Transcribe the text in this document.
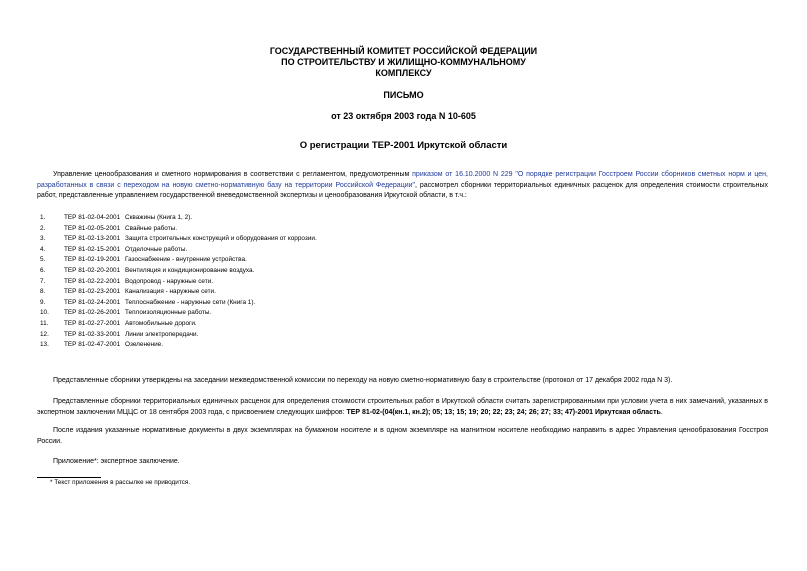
ГОСУДАРСТВЕННЫЙ КОМИТЕТ РОССИЙСКОЙ ФЕДЕРАЦИИ
ПО СТРОИТЕЛЬСТВУ И ЖИЛИЩНО-КОММУНАЛЬНОМУ
КОМПЛЕКСУ
ПИСЬМО
от 23 октября 2003 года N 10-605
О регистрации ТЕР-2001 Иркутской области
Управление ценообразования и сметного нормирования в соответствии с регламентом, предусмотренным приказом от 16.10.2000 N 229 "О порядке регистрации Госстроем России сборников сметных норм и цен, разработанных в связи с переходом на новую сметно-нормативную базу на территории Российской Федерации", рассмотрел сборники территориальных единичных расценок для определения стоимости строительных работ, представленные управлением государственной вневедомственной экспертизы и ценообразования Иркутской области, в т.ч.:
1.	ТЕР 81-02-04-2001 Скважины (Книга 1, 2).
2.	ТЕР 81-02-05-2001 Свайные работы.
3.	ТЕР 81-02-13-2001 Защита строительных конструкций и оборудования от коррозии.
4.	ТЕР 81-02-15-2001 Отделочные работы.
5.	ТЕР 81-02-19-2001 Газоснабжение - внутренние устройства.
6.	ТЕР 81-02-20-2001 Вентиляция и кондиционирование воздуха.
7.	ТЕР 81-02-22-2001 Водопровод - наружные сети.
8.	ТЕР 81-02-23-2001 Канализация - наружные сети.
9.	ТЕР 81-02-24-2001 Теплоснабжение - наружные сети (Книга 1).
10.	ТЕР 81-02-26-2001 Теплоизоляционные работы.
11.	ТЕР 81-02-27-2001 Автомобильные дороги.
12.	ТЕР 81-02-33-2001 Линии электропередачи.
13.	ТЕР 81-02-47-2001 Озеленение.
Представленные сборники утверждены на заседании межведомственной комиссии по переходу на новую сметно-нормативную базу в строительстве (протокол от 17 декабря 2002 года N 3).
Представленные сборники территориальных единичных расценок для определения стоимости строительных работ в Иркутской области считать зарегистрированными при условии учета в них замечаний, указанных в экспертном заключении МЦЦС от 18 сентября 2003 года, с присвоением следующих шифров: ТЕР 81-02-(04(кн.1, кн.2); 05; 13; 15; 19; 20; 22; 23; 24; 26; 27; 33; 47)-2001 Иркутская область.
После издания указанные нормативные документы в двух экземплярах на бумажном носителе и в одном экземпляре на магнитном носителе необходимо направить в адрес Управления ценообразования Госстроя России.
Приложение*: экспертное заключение.
* Текст приложения в рассылке не приводится.
